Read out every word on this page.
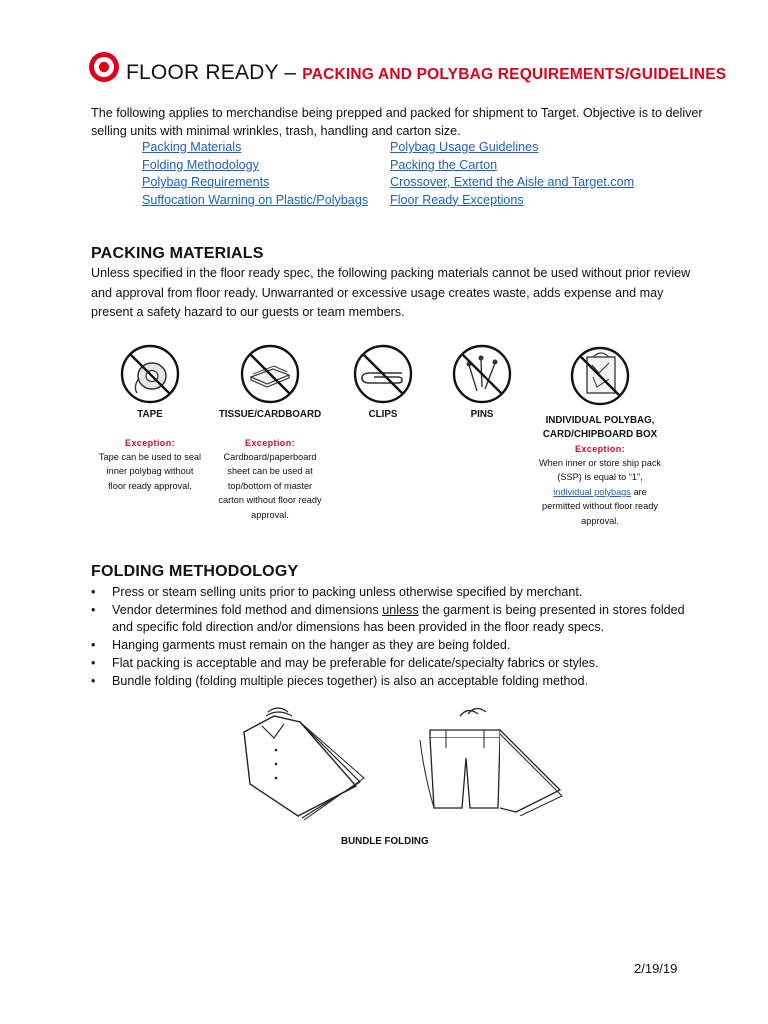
FLOOR READY – PACKING AND POLYBAG REQUIREMENTS/GUIDELINES
The following applies to merchandise being prepped and packed for shipment to Target. Objective is to deliver selling units with minimal wrinkles, trash, handling and carton size.
Packing Materials
Folding Methodology
Polybag Requirements
Suffocation Warning on Plastic/Polybags
Polybag Usage Guidelines
Packing the Carton
Crossover, Extend the Aisle and Target.com
Floor Ready Exceptions
PACKING MATERIALS
Unless specified in the floor ready spec, the following packing materials cannot be used without prior review and approval from floor ready. Unwarranted or excessive usage creates waste, adds expense and may present a safety hazard to our guests or team members.
TAPE
Exception:
Tape can be used to seal inner polybag without floor ready approval.
TISSUE/CARDBOARD
Exception:
Cardboard/paperboard sheet can be used at top/bottom of master carton without floor ready approval.
CLIPS	PINS
INDIVIDUAL POLYBAG,
CARD/CHIPBOARD BOX
Exception:
When inner or store ship pack (SSP) is equal to “1”, individual polybags are permitted without floor ready approval.
FOLDING METHODOLOGY
• Press or steam selling units prior to packing unless otherwise specified by merchant.
• Vendor determines fold method and dimensions unless the garment is being presented in stores folded and specific fold direction and/or dimensions has been provided in the floor ready specs.
• Hanging garments must remain on the hanger as they are being folded.
• Flat packing is acceptable and may be preferable for delicate/specialty fabrics or styles.
• Bundle folding (folding multiple pieces together) is also an acceptable folding method.
BUNDLE FOLDING
2/19/19
